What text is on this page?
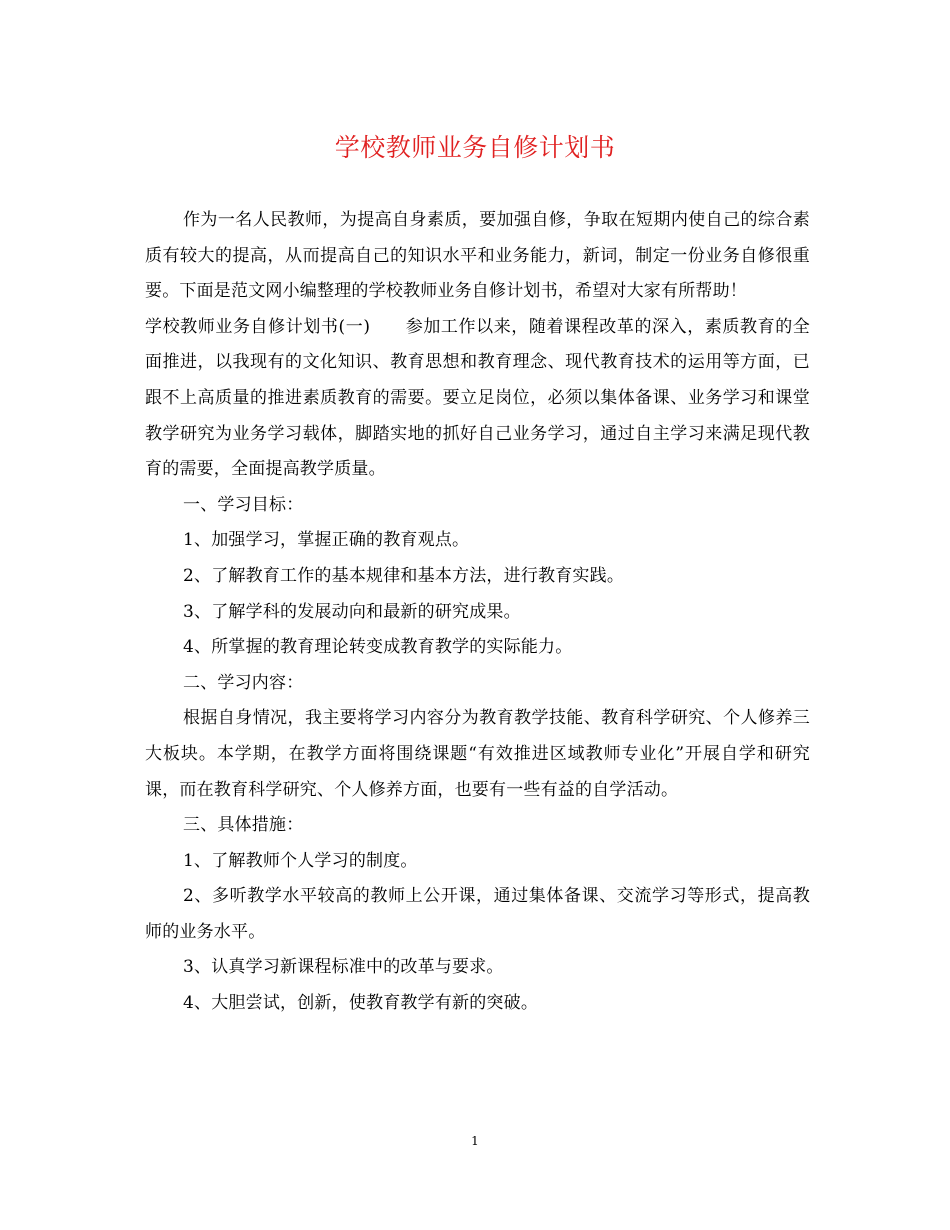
学校教师业务自修计划书

作为一名人民教师，为提高自身素质，要加强自修，争取在短期内使自己的综合素质有较大的提高，从而提高自己的知识水平和业务能力，新词，制定一份业务自修很重要。下面是范文网小编整理的学校教师业务自修计划书，希望对大家有所帮助！

学校教师业务自修计划书(一)　　参加工作以来，随着课程改革的深入，素质教育的全面推进，以我现有的文化知识、教育思想和教育理念、现代教育技术的运用等方面，已跟不上高质量的推进素质教育的需要。要立足岗位，必须以集体备课、业务学习和课堂教学研究为业务学习载体，脚踏实地的抓好自己业务学习，通过自主学习来满足现代教育的需要，全面提高教学质量。

一、学习目标：

1、加强学习，掌握正确的教育观点。

2、了解教育工作的基本规律和基本方法，进行教育实践。

3、了解学科的发展动向和最新的研究成果。

4、所掌握的教育理论转变成教育教学的实际能力。

二、学习内容：

根据自身情况，我主要将学习内容分为教育教学技能、教育科学研究、个人修养三大板块。本学期，在教学方面将围绕课题“有效推进区域教师专业化”开展自学和研究课，而在教育科学研究、个人修养方面，也要有一些有益的自学活动。

三、具体措施：

1、了解教师个人学习的制度。

2、多听教学水平较高的教师上公开课，通过集体备课、交流学习等形式，提高教师的业务水平。

3、认真学习新课程标准中的改革与要求。

4、大胆尝试，创新，使教育教学有新的突破。

1
